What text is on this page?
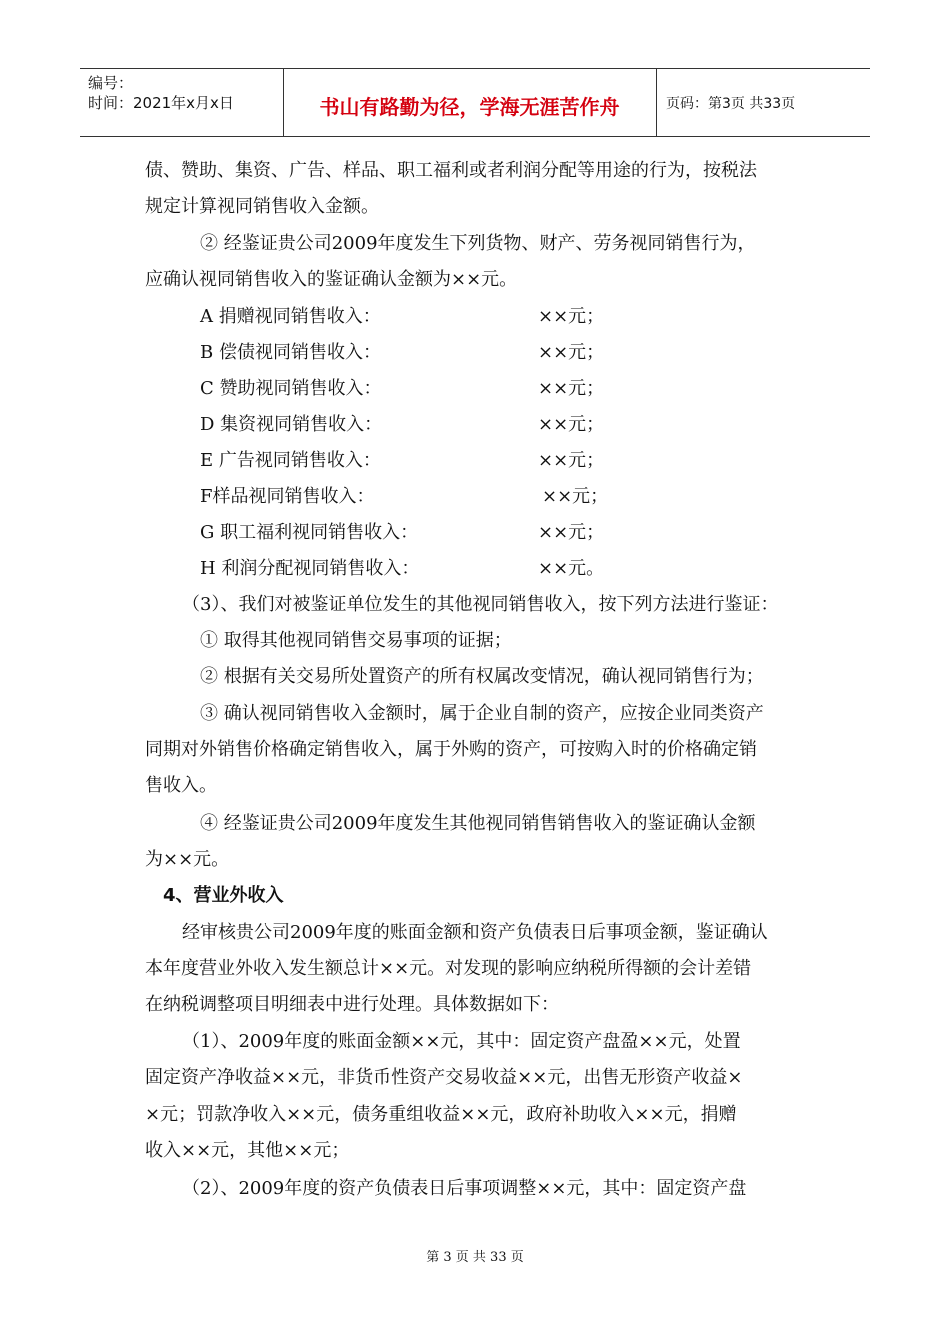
编号：
时间：2021年x月x日	书山有路勤为径，学海无涯苦作舟	页码：第3页 共33页
债、赞助、集资、广告、样品、职工福利或者利润分配等用途的行为，按税法
规定计算视同销售收入金额。
② 经鉴证贵公司2009年度发生下列货物、财产、劳务视同销售行为，
应确认视同销售收入的鉴证确认金额为××元。
A 捐赠视同销售收入：	××元；
B 偿债视同销售收入：	××元；
C 赞助视同销售收入：	××元；
D 集资视同销售收入：	××元；
E 广告视同销售收入：	××元；
F样品视同销售收入：	××元；
G 职工福利视同销售收入：	××元；
H 利润分配视同销售收入：	××元。
（3）、我们对被鉴证单位发生的其他视同销售收入，按下列方法进行鉴证：
① 取得其他视同销售交易事项的证据；
② 根据有关交易所处置资产的所有权属改变情况，确认视同销售行为；
③ 确认视同销售收入金额时，属于企业自制的资产，应按企业同类资产
同期对外销售价格确定销售收入，属于外购的资产，可按购入时的价格确定销
售收入。
④ 经鉴证贵公司2009年度发生其他视同销售销售收入的鉴证确认金额
为××元。
4、营业外收入
经审核贵公司2009年度的账面金额和资产负债表日后事项金额，鉴证确认
本年度营业外收入发生额总计××元。对发现的影响应纳税所得额的会计差错
在纳税调整项目明细表中进行处理。具体数据如下：
（1）、2009年度的账面金额××元，其中：固定资产盘盈××元，处置
固定资产净收益××元，非货币性资产交易收益××元，出售无形资产收益×
×元；罚款净收入××元，债务重组收益××元，政府补助收入××元，捐赠
收入××元，其他××元；
（2）、2009年度的资产负债表日后事项调整××元，其中：固定资产盘
第 3 页 共 33 页
